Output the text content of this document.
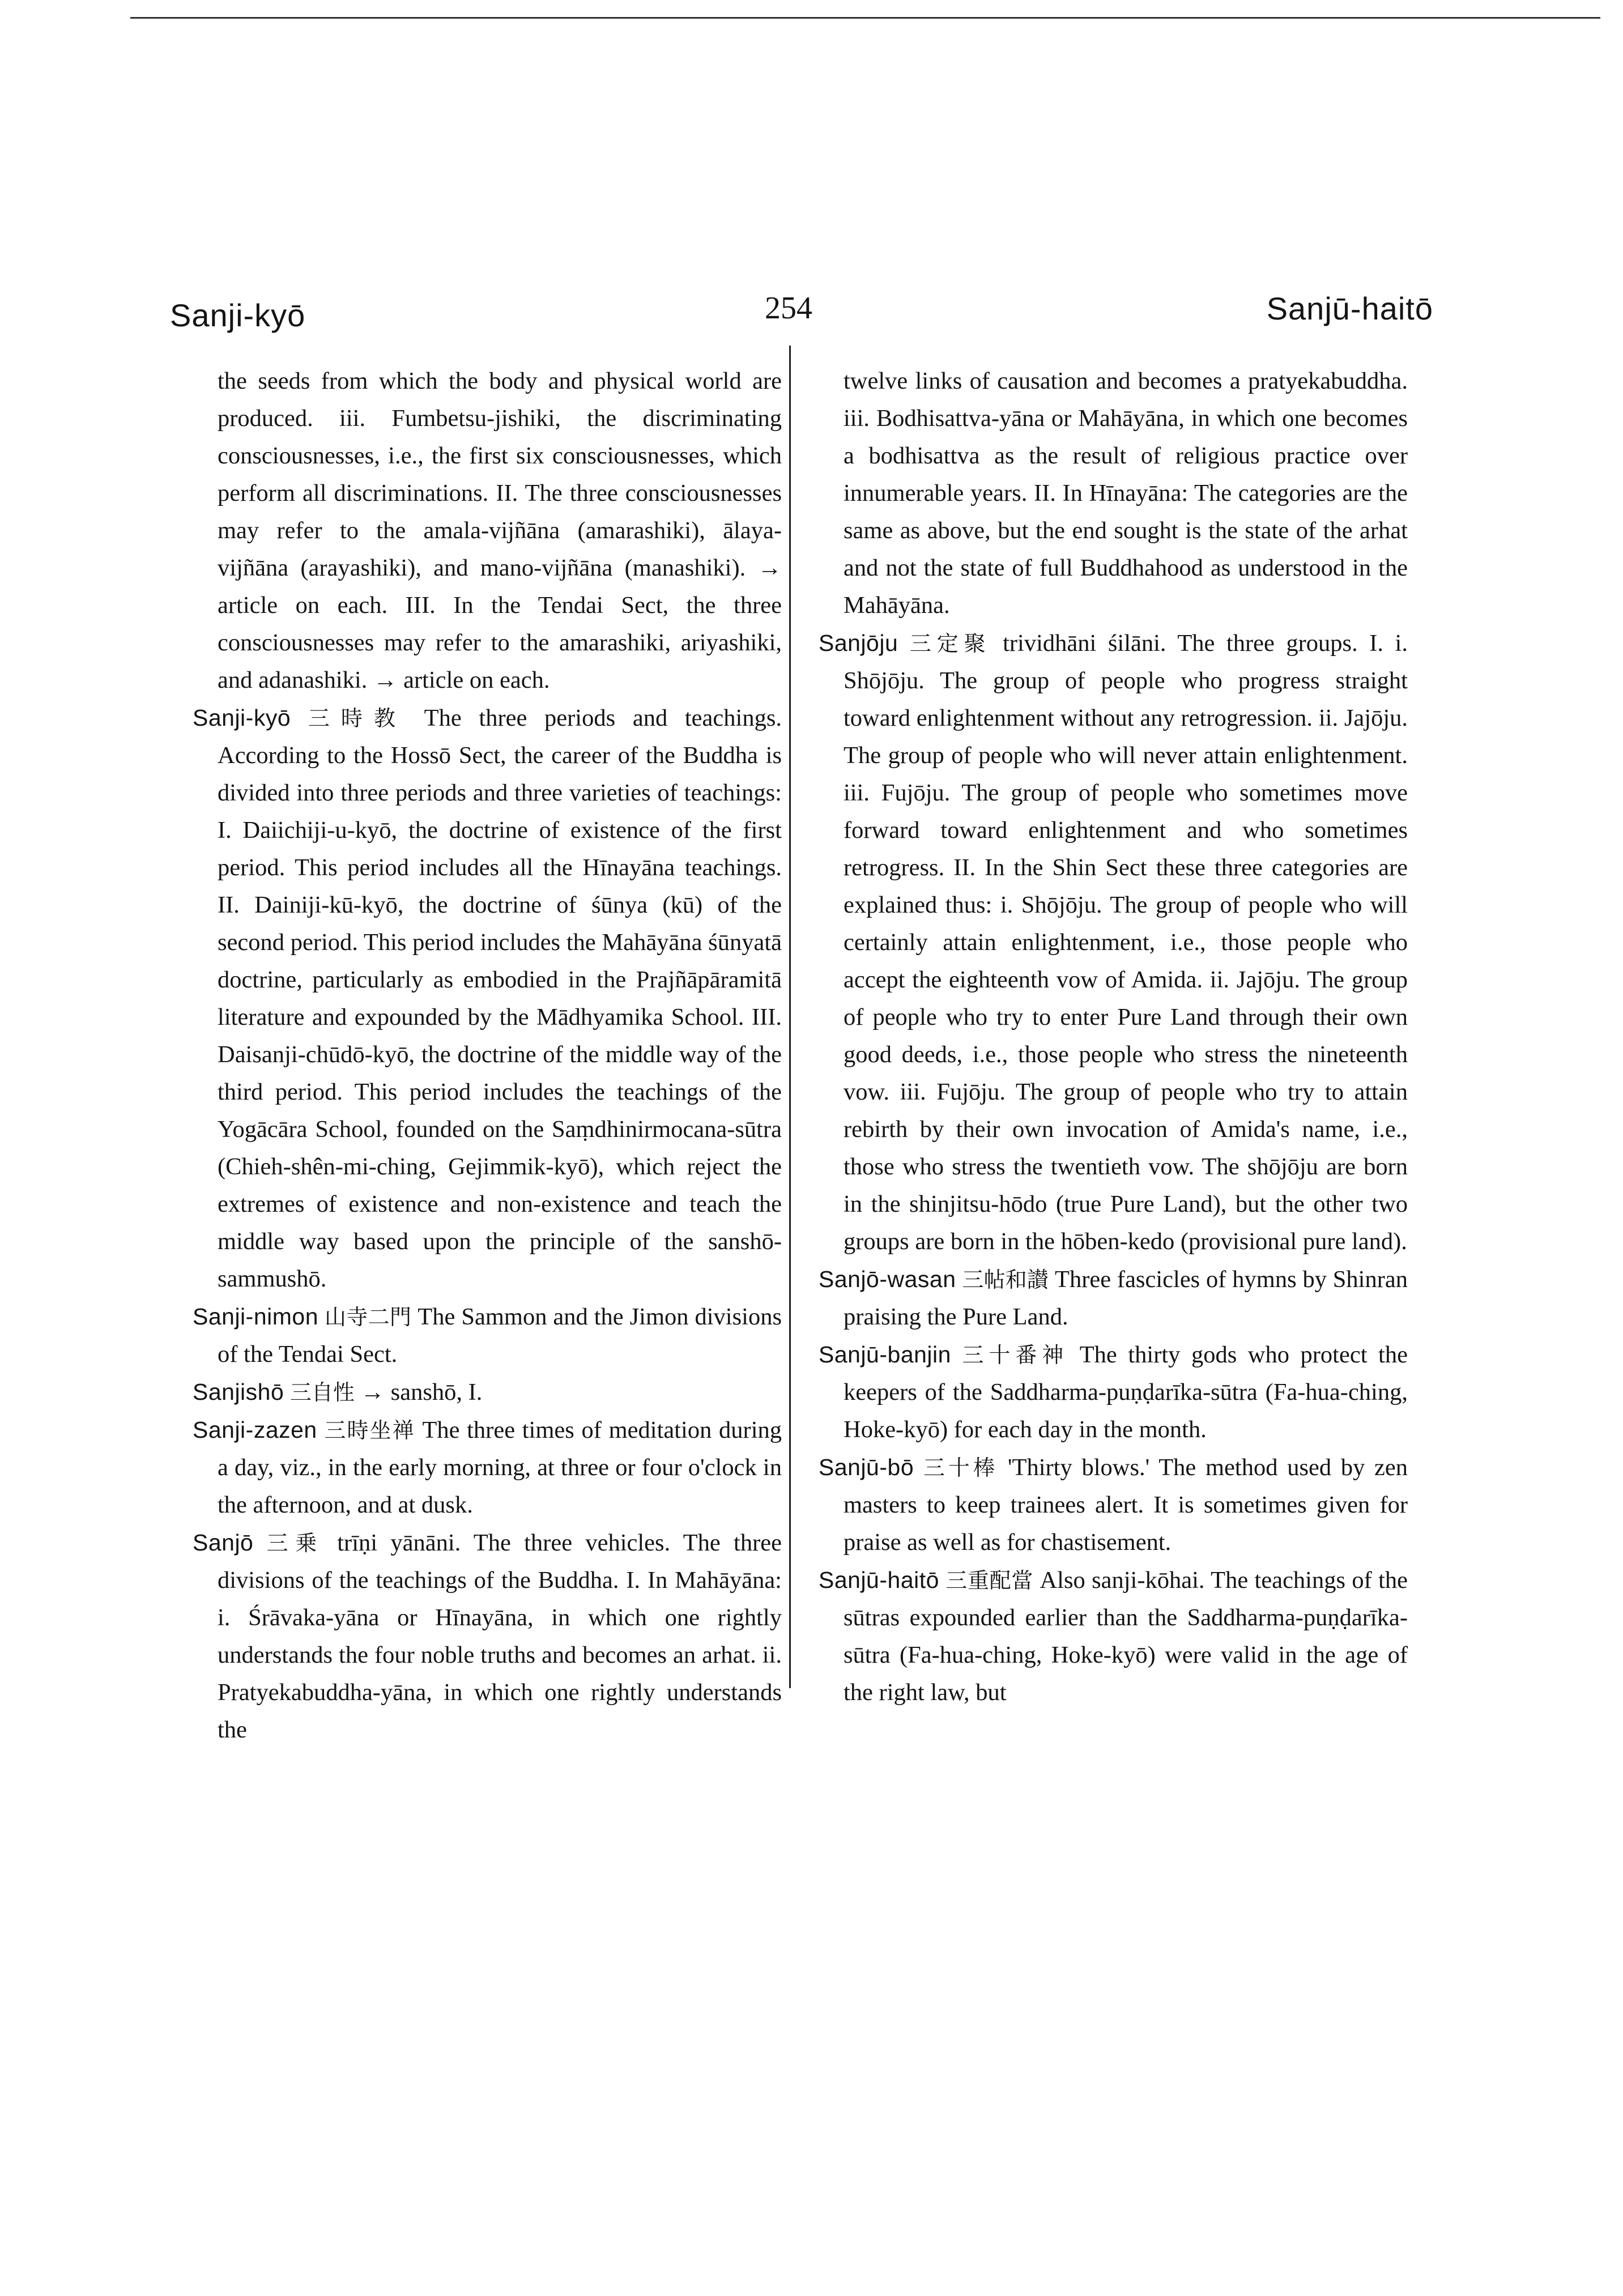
Sanji-kyō	254	Sanjū-haitō

the seeds from which the body and physical world are produced. iii. Fumbetsu-jishiki, the discriminating consciousnesses, i.e., the first six consciousnesses, which perform all discriminations. II. The three consciousnesses may refer to the amala-vijñāna (amarashiki), ālaya-vijñāna (arayashiki), and mano-vijñāna (manashiki). → article on each. III. In the Tendai Sect, the three consciousnesses may refer to the amarashiki, ariyashiki, and adanashiki. → article on each.

Sanji-kyō 三時教 The three periods and teachings. According to the Hossō Sect, the career of the Buddha is divided into three periods and three varieties of teachings: I. Daiichiji-u-kyō, the doctrine of existence of the first period. This period includes all the Hīnayāna teachings. II. Dainiji-kū-kyō, the doctrine of śūnya (kū) of the second period. This period includes the Mahāyāna śūnyatā doctrine, particularly as embodied in the Prajñāpāramitā literature and expounded by the Mādhyamika School. III. Daisanji-chūdō-kyō, the doctrine of the middle way of the third period. This period includes the teachings of the Yogācāra School, founded on the Saṃdhinirmocana-sūtra (Chieh-shên-mi-ching, Gejimmik-kyō), which reject the extremes of existence and non-existence and teach the middle way based upon the principle of the sanshō-sammushō.

Sanji-nimon 山寺二門 The Sammon and the Jimon divisions of the Tendai Sect.

Sanjishō 三自性 → sanshō, I.

Sanji-zazen 三時坐禅 The three times of meditation during a day, viz., in the early morning, at three or four o'clock in the afternoon, and at dusk.

Sanjō 三乗 trīṇi yānāni. The three vehicles. The three divisions of the teachings of the Buddha. I. In Mahāyāna: i. Śrāvaka-yāna or Hīnayāna, in which one rightly understands the four noble truths and becomes an arhat. ii. Pratyekabuddha-yāna, in which one rightly understands the

twelve links of causation and becomes a pratyekabuddha. iii. Bodhisattva-yāna or Mahāyāna, in which one becomes a bodhisattva as the result of religious practice over innumerable years. II. In Hīnayāna: The categories are the same as above, but the end sought is the state of the arhat and not the state of full Buddhahood as understood in the Mahāyāna.

Sanjōju 三定聚 trividhāni śilāni. The three groups. I. i. Shōjōju. The group of people who progress straight toward enlightenment without any retrogression. ii. Jajōju. The group of people who will never attain enlightenment. iii. Fujōju. The group of people who sometimes move forward toward enlightenment and who sometimes retrogress. II. In the Shin Sect these three categories are explained thus: i. Shōjōju. The group of people who will certainly attain enlightenment, i.e., those people who accept the eighteenth vow of Amida. ii. Jajōju. The group of people who try to enter Pure Land through their own good deeds, i.e., those people who stress the nineteenth vow. iii. Fujōju. The group of people who try to attain rebirth by their own invocation of Amida's name, i.e., those who stress the twentieth vow. The shōjōju are born in the shinjitsu-hōdo (true Pure Land), but the other two groups are born in the hōben-kedo (provisional pure land).

Sanjō-wasan 三帖和讃 Three fascicles of hymns by Shinran praising the Pure Land.

Sanjū-banjin 三十番神 The thirty gods who protect the keepers of the Saddharma-puṇḍarīka-sūtra (Fa-hua-ching, Hoke-kyō) for each day in the month.

Sanjū-bō 三十棒 'Thirty blows.' The method used by zen masters to keep trainees alert. It is sometimes given for praise as well as for chastisement.

Sanjū-haitō 三重配當 Also sanji-kōhai. The teachings of the sūtras expounded earlier than the Saddharma-puṇḍarīka-sūtra (Fa-hua-ching, Hoke-kyō) were valid in the age of the right law, but
